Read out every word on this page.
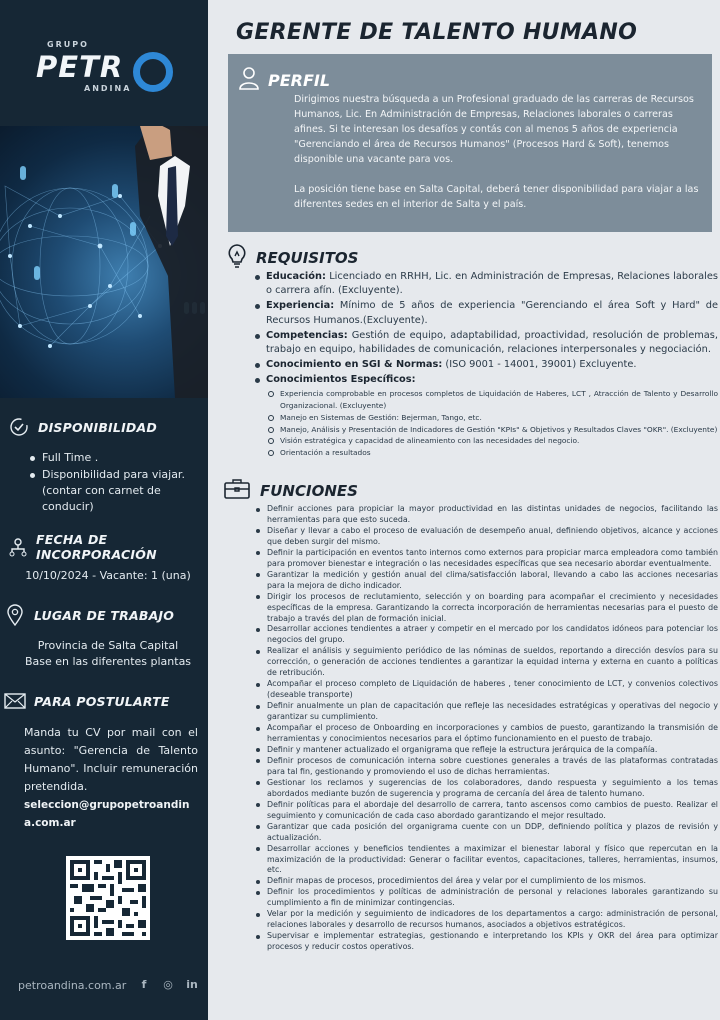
GRUPO
PETR
ANDINA
DISPONIBILIDAD
Full Time .
Disponibilidad para viajar. (contar con carnet de conducir)
FECHA DE INCORPORACIÓN
10/10/2024 - Vacante: 1 (una)
LUGAR DE TRABAJO
Provincia de Salta Capital
Base en las diferentes plantas
PARA POSTULARTE
Manda tu CV por mail con el asunto: "Gerencia de Talento Humano". Incluir remuneración pretendida.
seleccion@grupopetroandina.com.ar
petroandina.com.ar	f	◎ in
GERENTE DE TALENTO HUMANO
PERFIL

Dirigimos nuestra búsqueda a un Profesional graduado de las carreras de Recursos Humanos, Lic. En Administración de Empresas, Relaciones laborales o carreras afines. Si te interesan los desafíos y contás con al menos 5 años de experiencia "Gerenciando el área de Recursos Humanos" (Procesos Hard & Soft), tenemos disponible una vacante para vos.

La posición tiene base en Salta Capital, deberá tener disponibilidad para viajar a las diferentes sedes en el interior de Salta y el país.

REQUISITOS
Educación: Licenciado en RRHH, Lic. en Administración de Empresas, Relaciones laborales o carrera afín. (Excluyente).
Experiencia: Mínimo de 5 años de experiencia "Gerenciando el área Soft y Hard" de Recursos Humanos.(Excluyente).
Competencias: Gestión de equipo, adaptabilidad, proactividad, resolución de problemas, trabajo en equipo, habilidades de comunicación, relaciones interpersonales y negociación.
Conocimiento en SGI & Normas: (ISO 9001 - 14001, 39001) Excluyente.
Conocimientos Específicos:
Experiencia comprobable en procesos completos de Liquidación de Haberes, LCT , Atracción de Talento y Desarrollo Organizacional. (Excluyente)
Manejo en Sistemas de Gestión: Bejerman, Tango, etc.
Manejo, Análisis y Presentación de Indicadores de Gestión "KPIs" & Objetivos y Resultados Claves "OKR". (Excluyente)
Visión estratégica y capacidad de alineamiento con las necesidades del negocio.
Orientación a resultados
FUNCIONES
Definir acciones para propiciar la mayor productividad en las distintas unidades de negocios, facilitando las herramientas para que esto suceda.
Diseñar y llevar a cabo el proceso de evaluación de desempeño anual, definiendo objetivos, alcance y acciones que deben surgir del mismo.
Definir la participación en eventos tanto internos como externos para propiciar marca empleadora como también para promover bienestar e integración o las necesidades específicas que sea necesario abordar eventualmente.
Garantizar la medición y gestión anual del clima/satisfacción laboral, llevando a cabo las acciones necesarias para la mejora de dicho indicador.
Dirigir los procesos de reclutamiento, selección y on boarding para acompañar el crecimiento y necesidades específicas de la empresa. Garantizando la correcta incorporación de herramientas necesarias para el puesto de trabajo a través del plan de formación inicial.
Desarrollar acciones tendientes a atraer y competir en el mercado por los candidatos idóneos para potenciar los negocios del grupo.
Realizar el análisis y seguimiento periódico de las nóminas de sueldos, reportando a dirección desvíos para su corrección, o generación de acciones tendientes a garantizar la equidad interna y externa en cuanto a políticas de retribución.
Acompañar el proceso completo de Liquidación de haberes , tener conocimiento de LCT, y convenios colectivos (deseable transporte)
Definir anualmente un plan de capacitación que refleje las necesidades estratégicas y operativas del negocio y garantizar su cumplimiento.
Acompañar el proceso de Onboarding en incorporaciones y cambios de puesto, garantizando la transmisión de herramientas y conocimientos necesarios para el óptimo funcionamiento en el puesto de trabajo.
Definir y mantener actualizado el organigrama que refleje la estructura jerárquica de la compañía.
Definir procesos de comunicación interna sobre cuestiones generales a través de las plataformas contratadas para tal fin, gestionando y promoviendo el uso de dichas herramientas.
Gestionar los reclamos y sugerencias de los colaboradores, dando respuesta y seguimiento a los temas abordados mediante buzón de sugerencia y programa de cercanía del área de talento humano.
Definir políticas para el abordaje del desarrollo de carrera, tanto ascensos como cambios de puesto. Realizar el seguimiento y comunicación de cada caso abordado garantizando el mejor resultado.
Garantizar que cada posición del organigrama cuente con un DDP, definiendo política y plazos de revisión y actualización.
Desarrollar acciones y beneficios tendientes a maximizar el bienestar laboral y físico que repercutan en la maximización de la productividad: Generar o facilitar eventos, capacitaciones, talleres, herramientas, insumos, etc.
Definir mapas de procesos, procedimientos del área y velar por el cumplimiento de los mismos.
Definir los procedimientos y políticas de administración de personal y relaciones laborales garantizando su cumplimiento a fin de minimizar contingencias.
Velar por la medición y seguimiento de indicadores de los departamentos a cargo: administración de personal, relaciones laborales y desarrollo de recursos humanos, asociados a objetivos estratégicos.
Supervisar e implementar estrategias, gestionando e interpretando los KPIs y OKR del área para optimizar procesos y reducir costos operativos.
